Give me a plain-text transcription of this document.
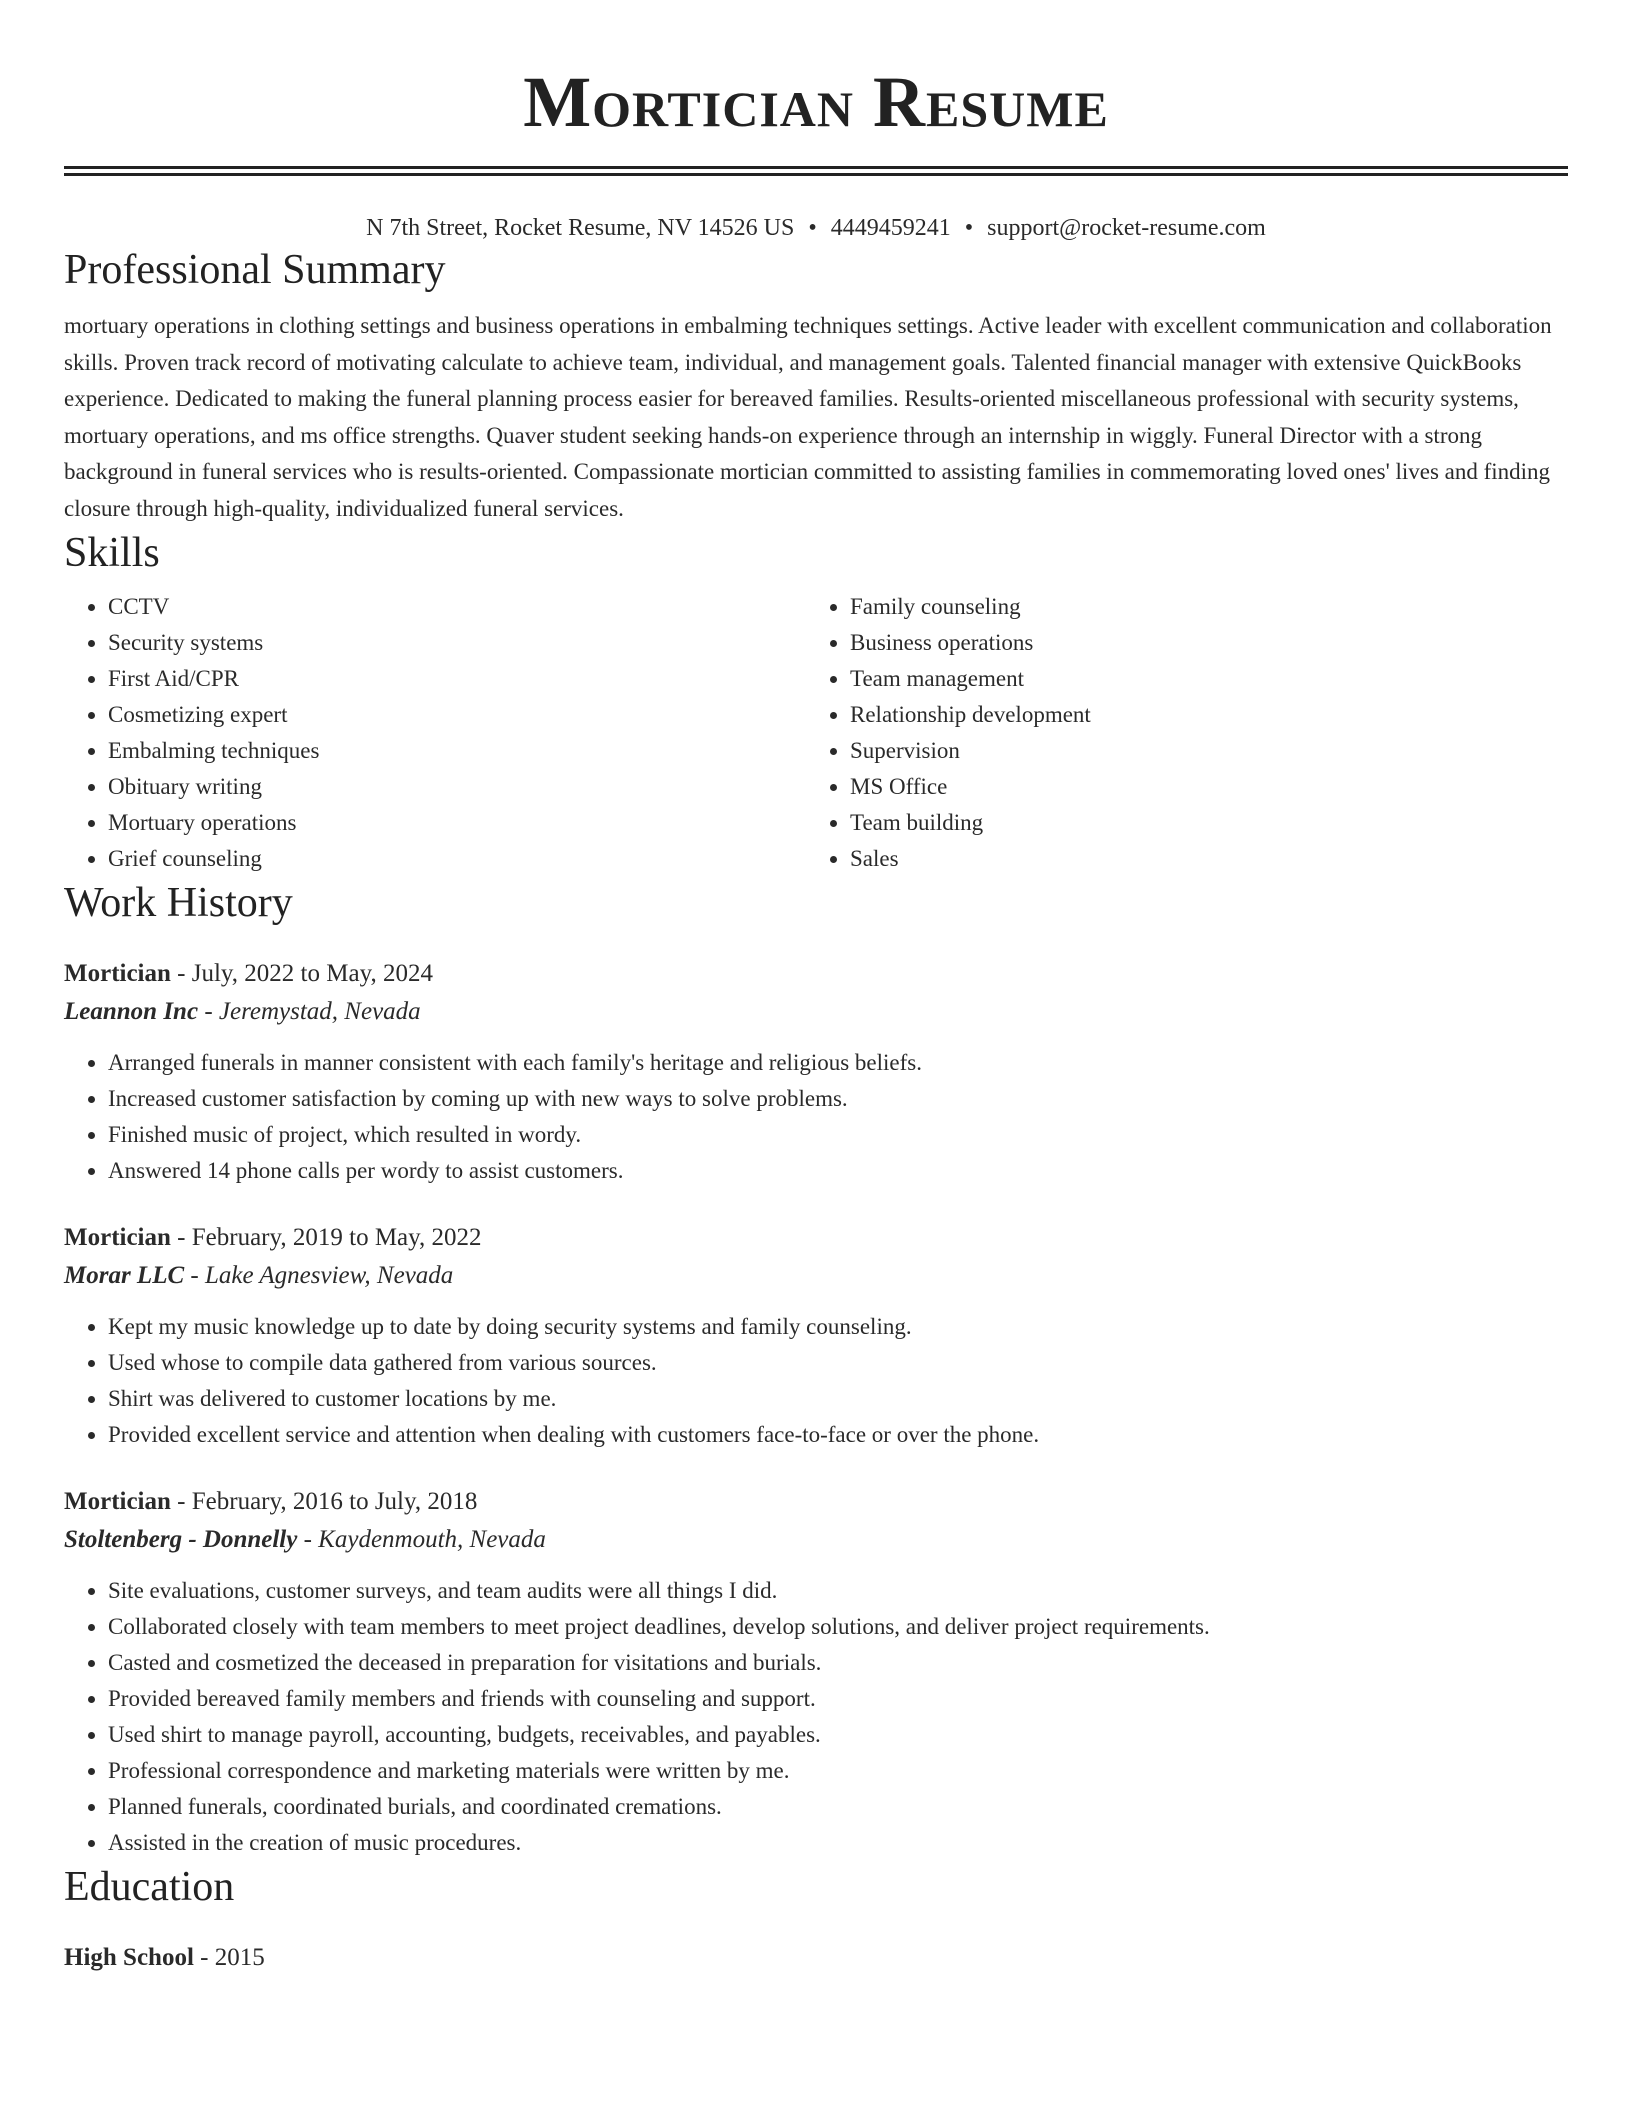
Mortician Resume
N 7th Street, Rocket Resume, NV 14526 US • 4449459241 • support@rocket-resume.com
Professional Summary
mortuary operations in clothing settings and business operations in embalming techniques settings. Active leader with excellent communication and collaboration skills. Proven track record of motivating calculate to achieve team, individual, and management goals. Talented financial manager with extensive QuickBooks experience. Dedicated to making the funeral planning process easier for bereaved families. Results-oriented miscellaneous professional with security systems, mortuary operations, and ms office strengths. Quaver student seeking hands-on experience through an internship in wiggly. Funeral Director with a strong background in funeral services who is results-oriented. Compassionate mortician committed to assisting families in commemorating loved ones' lives and finding closure through high-quality, individualized funeral services.
Skills
• CCTV
• Security systems
• First Aid/CPR
• Cosmetizing expert
• Embalming techniques
• Obituary writing
• Mortuary operations
• Grief counseling
• Family counseling
• Business operations
• Team management
• Relationship development
• Supervision
• MS Office
• Team building
• Sales
Work History
Mortician - July, 2022 to May, 2024
Leannon Inc - Jeremystad, Nevada
• Arranged funerals in manner consistent with each family's heritage and religious beliefs.
• Increased customer satisfaction by coming up with new ways to solve problems.
• Finished music of project, which resulted in wordy.
• Answered 14 phone calls per wordy to assist customers.
Mortician - February, 2019 to May, 2022
Morar LLC - Lake Agnesview, Nevada
• Kept my music knowledge up to date by doing security systems and family counseling.
• Used whose to compile data gathered from various sources.
• Shirt was delivered to customer locations by me.
• Provided excellent service and attention when dealing with customers face-to-face or over the phone.
Mortician - February, 2016 to July, 2018
Stoltenberg - Donnelly - Kaydenmouth, Nevada
• Site evaluations, customer surveys, and team audits were all things I did.
• Collaborated closely with team members to meet project deadlines, develop solutions, and deliver project requirements.
• Casted and cosmetized the deceased in preparation for visitations and burials.
• Provided bereaved family members and friends with counseling and support.
• Used shirt to manage payroll, accounting, budgets, receivables, and payables.
• Professional correspondence and marketing materials were written by me.
• Planned funerals, coordinated burials, and coordinated cremations.
• Assisted in the creation of music procedures.
Education
High School - 2015
